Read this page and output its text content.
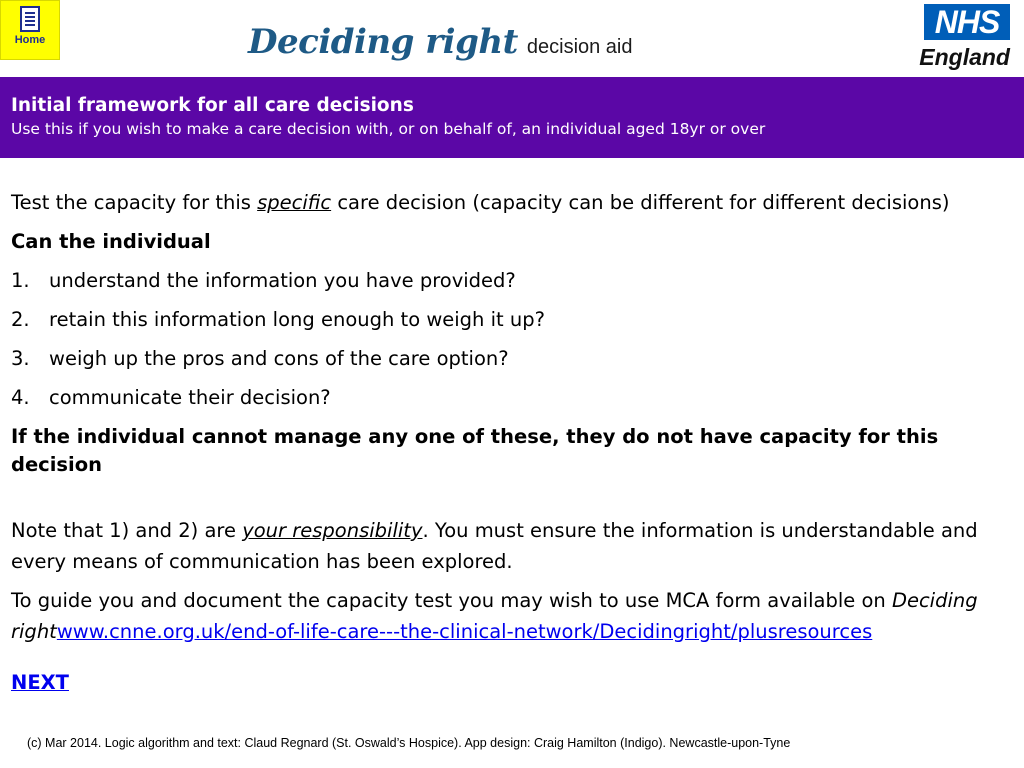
Home	Deciding right decision aid
NHS
England
Initial framework for all care decisions
Use this if you wish to make a care decision with, or on behalf of, an individual aged 18yr or over

Test the capacity for this specific care decision (capacity can be different for different decisions)

Can the individual

1. understand the information you have provided?
2. retain this information long enough to weigh it up?
3. weigh up the pros and cons of the care option?
4. communicate their decision?

If the individual cannot manage any one of these, they do not have capacity for this decision

Note that 1) and 2) are your responsibility. You must ensure the information is understandable and every means of communication has been explored.

To guide you and document the capacity test you may wish to use MCA form available on Deciding rightwww.cnne.org.uk/end-of-life-care---the-clinical-network/Decidingright/plusresources

NEXT

(c) Mar 2014. Logic algorithm and text: Claud Regnard (St. Oswald’s Hospice). App design: Craig Hamilton (Indigo). Newcastle-upon-Tyne
